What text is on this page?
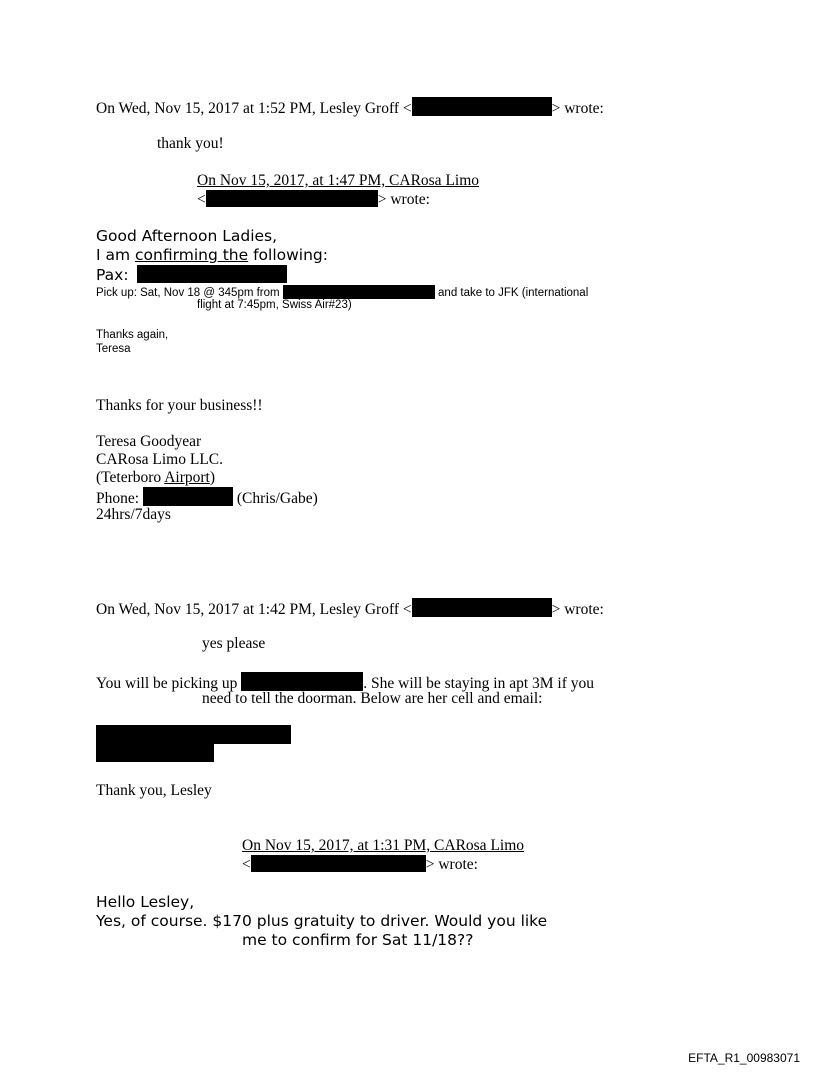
On Wed, Nov 15, 2017 at 1:52 PM, Lesley Groff <	> wrote:
thank you!
On Nov 15, 2017, at 1:47 PM, CARosa Limo
<	> wrote:
Good Afternoon Ladies,
I am confirming the following:
Pax:
Pick up: Sat, Nov 18 @ 345pm from	and take to JFK (international
flight at 7:45pm, Swiss Air#23)
Thanks again,
Teresa
Thanks for your business!!
Teresa Goodyear
CARosa Limo LLC.
(Teterboro Airport)
Phone:	(Chris/Gabe)
24hrs/7days
On Wed, Nov 15, 2017 at 1:42 PM, Lesley Groff <	> wrote:
yes please
You will be picking up	. She will be staying in apt 3M if you
need to tell the doorman. Below are her cell and email:
Thank you, Lesley
On Nov 15, 2017, at 1:31 PM, CARosa Limo
<	> wrote:
Hello Lesley,
Yes, of course. $170 plus gratuity to driver. Would you like
me to confirm for Sat 11/18??
EFTA_R1_00983071
